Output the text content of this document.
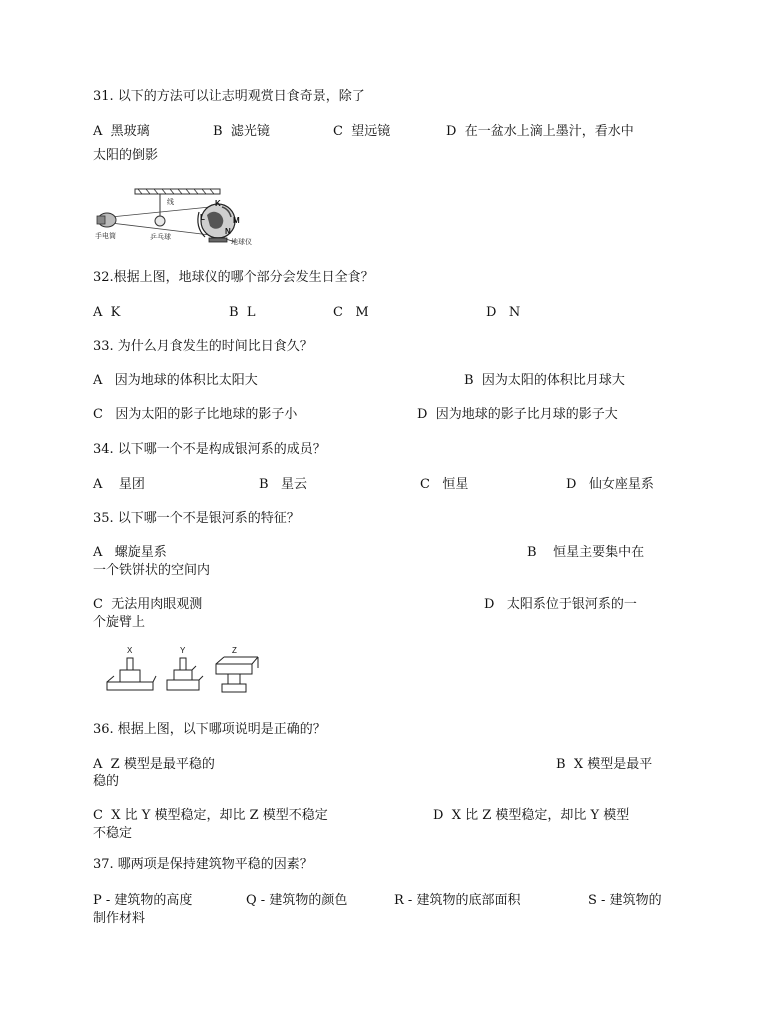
31. 以下的方法可以让志明观赏日食奇景，除了
A 黑玻璃	B 滤光镜	C 望远镜	D 在一盆水上滴上墨汁，看水中
太阳的倒影
线
手电筒	乒乓球
K
L	M
N
地球仪
32.根据上图，地球仪的哪个部分会发生日全食？
A K	B L	C M	D N
33. 为什么月食发生的时间比日食久？
A 因为地球的体积比太阳大	B 因为太阳的体积比月球大
C 因为太阳的影子比地球的影子小	D 因为地球的影子比月球的影子大
34. 以下哪一个不是构成银河系的成员？
A 星团	B 星云	C 恒星	D 仙女座星系
35. 以下哪一个不是银河系的特征？
A 螺旋星系	B 恒星主要集中在
一个铁饼状的空间内
C 无法用肉眼观测	D 太阳系位于银河系的一
个旋臂上
X	Y	Z
36. 根据上图，以下哪项说明是正确的？
A Z 模型是最平稳的	B X 模型是最平
稳的
C X 比 Y 模型稳定，却比 Z 模型不稳定	D X 比 Z 模型稳定，却比 Y 模型
不稳定
37. 哪两项是保持建筑物平稳的因素？
P - 建筑物的高度	Q - 建筑物的颜色	R - 建筑物的底部面积	S - 建筑物的
制作材料
